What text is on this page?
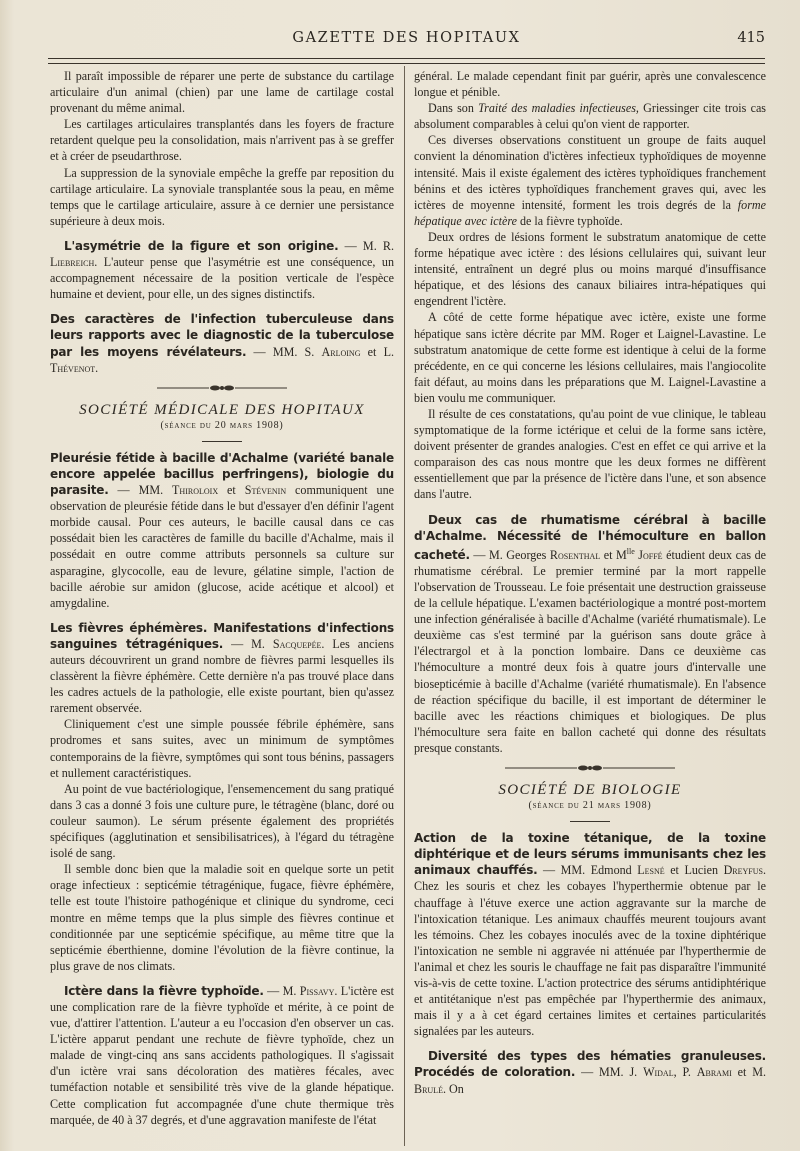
GAZETTE DES HOPITAUX	415

Il paraît impossible de réparer une perte de substance du cartilage articulaire d'un animal (chien) par une lame de cartilage costal provenant du même animal.

Les cartilages articulaires transplantés dans les foyers de fracture retardent quelque peu la consolidation, mais n'arrivent pas à se greffer et à créer de pseudarthrose.

La suppression de la synoviale empêche la greffe par reposition du cartilage articulaire. La synoviale transplantée sous la peau, en même temps que le cartilage articulaire, assure à ce dernier une persistance supérieure à deux mois.

L'asymétrie de la figure et son origine. — M. R. Liebreich. L'auteur pense que l'asymétrie est une conséquence, un accompagnement nécessaire de la position verticale de l'espèce humaine et devient, pour elle, un des signes distinctifs.

Des caractères de l'infection tuberculeuse dans leurs rapports avec le diagnostic de la tuberculose par les moyens révélateurs. — MM. S. Arloing et L. Thévenot.

SOCIÉTÉ MÉDICALE DES HOPITAUX

(séance du 20 mars 1908)

Pleurésie fétide à bacille d'Achalme (variété banale encore appelée bacillus perfringens), biologie du parasite. — MM. Thiroloix et Stévenin communiquent une observation de pleurésie fétide dans le but d'essayer d'en définir l'agent morbide causal. Pour ces auteurs, le bacille causal dans ce cas possédait bien les caractères de famille du bacille d'Achalme, mais il possédait en outre comme attributs personnels sa culture sur asparagine, glycocolle, eau de levure, gélatine simple, l'action de bacille aérobie sur amidon (glucose, acide acétique et alcool) et amygdaline.

Les fièvres éphémères. Manifestations d'infections sanguines tétragéniques. — M. Sacquepée. Les anciens auteurs découvrirent un grand nombre de fièvres parmi lesquelles ils classèrent la fièvre éphémère. Cette dernière n'a pas trouvé place dans les cadres actuels de la pathologie, elle existe pourtant, bien qu'assez rarement observée.

Cliniquement c'est une simple poussée fébrile éphémère, sans prodromes et sans suites, avec un minimum de symptômes contemporains de la fièvre, symptômes qui sont tous bénins, passagers et nullement caractéristiques.

Au point de vue bactériologique, l'ensemencement du sang pratiqué dans 3 cas a donné 3 fois une culture pure, le tétragène (blanc, doré ou couleur saumon). Le sérum présente également des propriétés spécifiques (agglutination et sensibilisatrices), à l'égard du tétragène isolé de sang.

Il semble donc bien que la maladie soit en quelque sorte un petit orage infectieux : septicémie tétragénique, fugace, fièvre éphémère, telle est toute l'histoire pathogénique et clinique du syndrome, ceci montre en même temps que la plus simple des fièvres continue et conditionnée par une septicémie spécifique, au même titre que la septicémie éberthienne, domine l'évolution de la fièvre continue, la plus grave de nos climats.

Ictère dans la fièvre typhoïde. — M. Pissavy. L'ictère est une complication rare de la fièvre typhoïde et mérite, à ce point de vue, d'attirer l'attention. L'auteur a eu l'occasion d'en observer un cas. L'ictère apparut pendant une rechute de fièvre typhoïde, chez un malade de vingt-cinq ans sans accidents pathologiques. Il s'agissait d'un ictère vrai sans décoloration des matières fécales, avec tuméfaction notable et sensibilité très vive de la glande hépatique. Cette complication fut accompagnée d'une chute thermique très marquée, de 40 à 37 degrés, et d'une aggravation manifeste de l'état

général. Le malade cependant finit par guérir, après une convalescence longue et pénible.

Dans son Traité des maladies infectieuses, Griessinger cite trois cas absolument comparables à celui qu'on vient de rapporter.

Ces diverses observations constituent un groupe de faits auquel convient la dénomination d'ictères infectieux typhoïdiques de moyenne intensité. Mais il existe également des ictères typhoïdiques franchement bénins et des ictères typhoïdiques franchement graves qui, avec les ictères de moyenne intensité, forment les trois degrés de la forme hépatique avec ictère de la fièvre typhoïde.

Deux ordres de lésions forment le substratum anatomique de cette forme hépatique avec ictère : des lésions cellulaires qui, suivant leur intensité, entraînent un degré plus ou moins marqué d'insuffisance hépatique, et des lésions des canaux biliaires intra-hépatiques qui engendrent l'ictère.

A côté de cette forme hépatique avec ictère, existe une forme hépatique sans ictère décrite par MM. Roger et Laignel-Lavastine. Le substratum anatomique de cette forme est identique à celui de la forme précédente, en ce qui concerne les lésions cellulaires, mais l'angiocolite fait défaut, au moins dans les préparations que M. Laignel-Lavastine a bien voulu me communiquer.

Il résulte de ces constatations, qu'au point de vue clinique, le tableau symptomatique de la forme ictérique et celui de la forme sans ictère, doivent présenter de grandes analogies. C'est en effet ce qui arrive et la comparaison des cas nous montre que les deux formes ne diffèrent essentiellement que par la présence de l'ictère dans l'une, et son absence dans l'autre.

Deux cas de rhumatisme cérébral à bacille d'Achalme. Nécessité de l'hémoculture en ballon cacheté. — M. Georges Rosenthal et $M^{lle}$ Joffé étudient deux cas de rhumatisme cérébral. Le premier terminé par la mort rappelle l'observation de Trousseau. Le foie présentait une destruction graisseuse de la cellule hépatique. L'examen bactériologique a montré post-mortem une infection généralisée à bacille d'Achalme (variété rhumatismale). Le deuxième cas s'est terminé par la guérison sans doute grâce à l'électrargol et à la ponction lombaire. Dans ce deuxième cas l'hémoculture a montré deux fois à quatre jours d'intervalle une biosepticémie à bacille d'Achalme (variété rhumatismale). En l'absence de réaction spécifique du bacille, il est important de déterminer le bacille avec les réactions chimiques et biologiques. De plus l'hémoculture sera faite en ballon cacheté qui donne des résultats presque constants.

SOCIÉTÉ DE BIOLOGIE

(séance du 21 mars 1908)

Action de la toxine tétanique, de la toxine diphtérique et de leurs sérums immunisants chez les animaux chauffés. — MM. Edmond Lesné et Lucien Dreyfus. Chez les souris et chez les cobayes l'hyperthermie obtenue par le chauffage à l'étuve exerce une action aggravante sur la marche de l'intoxication tétanique. Les animaux chauffés meurent toujours avant les témoins. Chez les cobayes inoculés avec de la toxine diphtérique l'intoxication ne semble ni aggravée ni atténuée par l'hyperthermie de l'animal et chez les souris le chauffage ne fait pas disparaître l'immunité vis-à-vis de cette toxine. L'action protectrice des sérums antidiphtérique et antitétanique n'est pas empêchée par l'hyperthermie des animaux, mais il y a à cet égard certaines limites et certaines particularités signalées par les auteurs.

Diversité des types des hématies granuleuses. Procédés de coloration. — MM. J. Widal, P. Abrami et M. Brulé. On
